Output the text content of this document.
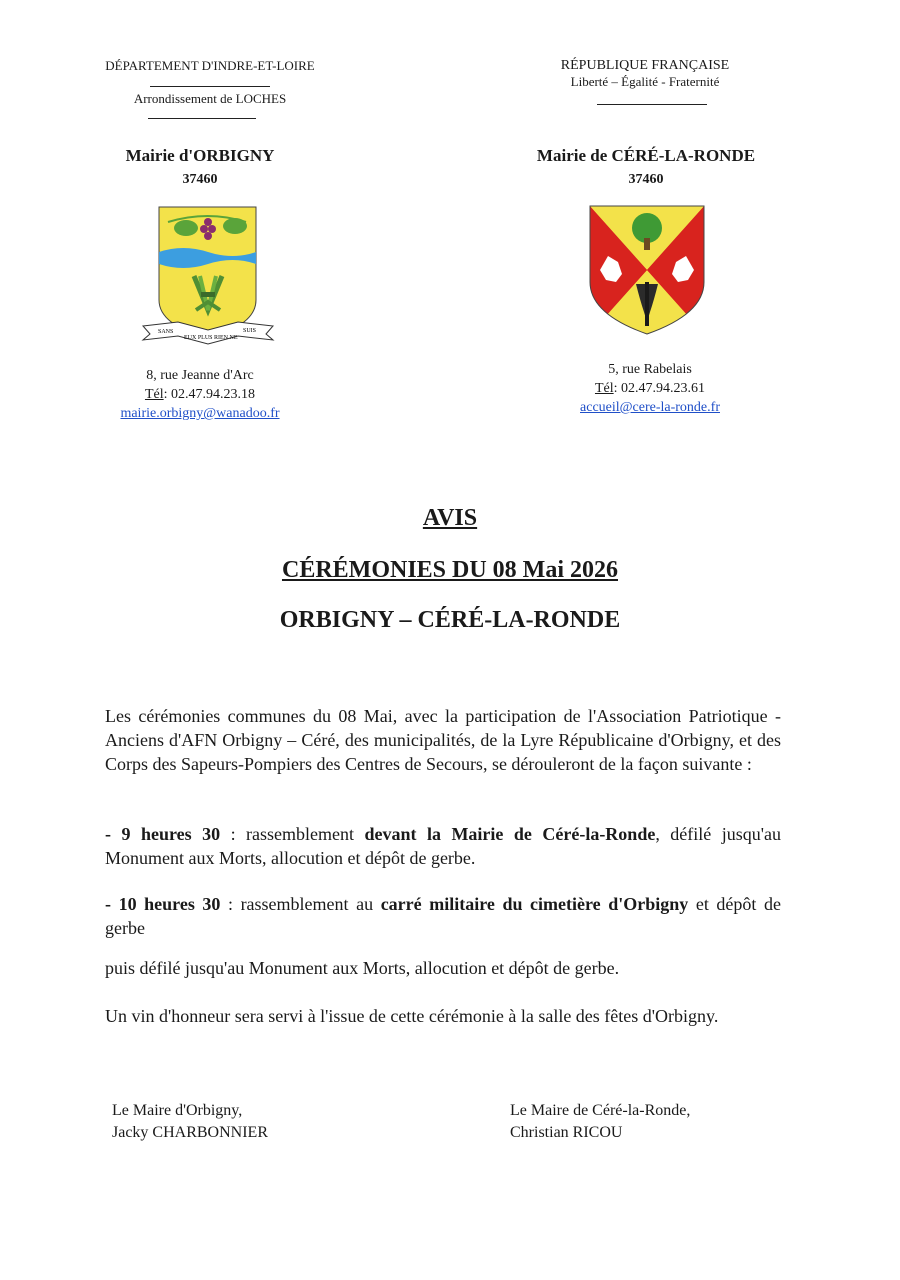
DÉPARTEMENT D'INDRE-ET-LOIRE
Arrondissement de LOCHES
Mairie d'ORBIGNY
37460
SANS
EUX PLUS RIEN NE
SUIS
8, rue Jeanne d'Arc
Tél: 02.47.94.23.18
mairie.orbigny@wanadoo.fr
RÉPUBLIQUE FRANÇAISE
Liberté – Égalité - Fraternité
Mairie de CÉRÉ-LA-RONDE
37460
5, rue Rabelais
Tél: 02.47.94.23.61
accueil@cere-la-ronde.fr
AVIS
CÉRÉMONIES DU 08 Mai 2026
ORBIGNY – CÉRÉ-LA-RONDE
Les cérémonies communes du 08 Mai, avec la participation de l'Association Patriotique - Anciens d'AFN Orbigny – Céré, des municipalités, de la Lyre Républicaine d'Orbigny, et des Corps des Sapeurs-Pompiers des Centres de Secours, se dérouleront de la façon suivante :
- 9 heures 30 : rassemblement devant la Mairie de Céré-la-Ronde, défilé jusqu'au Monument aux Morts, allocution et dépôt de gerbe.
- 10 heures 30 : rassemblement au carré militaire du cimetière d'Orbigny et dépôt de gerbe
puis défilé jusqu'au Monument aux Morts, allocution et dépôt de gerbe.
Un vin d'honneur sera servi à l'issue de cette cérémonie à la salle des fêtes d'Orbigny.
Le Maire d'Orbigny,
Jacky CHARBONNIER
Le Maire de Céré-la-Ronde,
Christian RICOU
